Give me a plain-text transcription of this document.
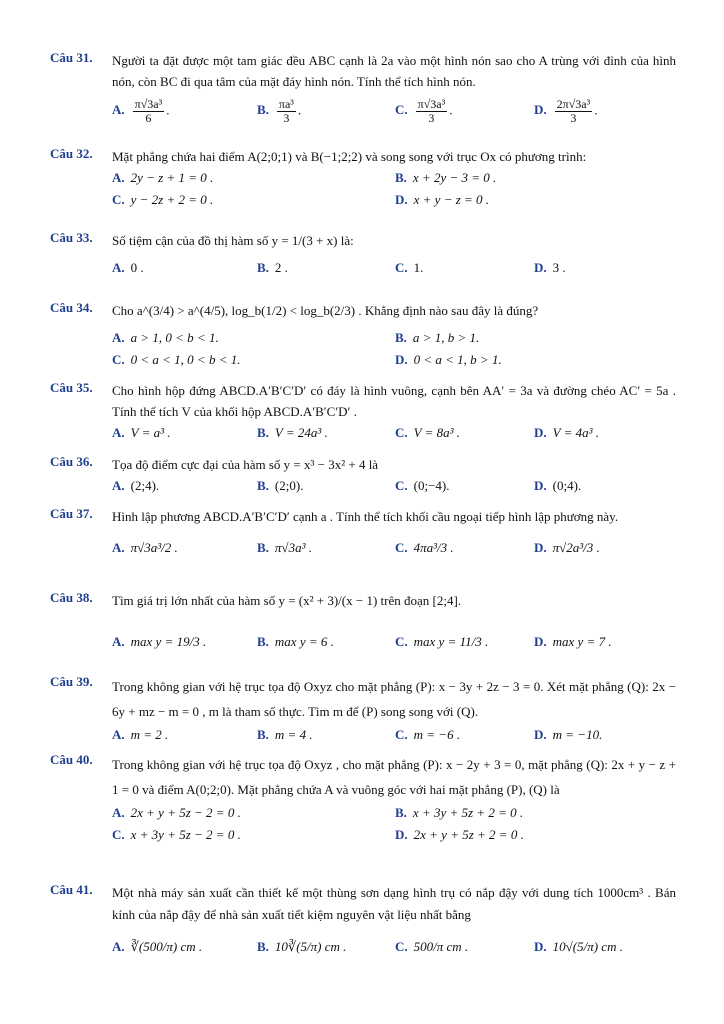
Câu 31. Người ta đặt được một tam giác đều ABC cạnh là 2a vào một hình nón sao cho A trùng với đỉnh của hình nón, còn BC đi qua tâm của mặt đáy hình nón. Tính thể tích hình nón.
A. $\frac{\text{π√3a³}}{6}$ .	B. $\frac{\text{πa³}}{3}$ .	C. $\frac{\text{π√3a³}}{3}$ .	D. $\frac{\text{2π√3a³}}{3}$ .
Câu 32. Mặt phẳng chứa hai điểm A(2;0;1) và B(−1;2;2) và song song với trục Ox có phương trình:
A. 2y − z + 1 = 0 .	B. x + 2y − 3 = 0 .
C. y − 2z + 2 = 0 .	D. x + y − z = 0 .
Câu 33. Số tiệm cận của đồ thị hàm số y = 1/(3 + x) là:
A. 0 .	B. 2 .	C. 1.	D. 3 .
Câu 34. Cho a^(3/4) > a^(4/5), log_b(1/2) < log_b(2/3) . Khẳng định nào sau đây là đúng?
A. a > 1, 0 < b < 1.	B. a > 1, b > 1.
C. 0 < a < 1, 0 < b < 1.	D. 0 < a < 1, b > 1.
Câu 35. Cho hình hộp đứng ABCD.A′B′C′D′ có đáy là hình vuông, cạnh bên AA′ = 3a và đường chéo AC′ = 5a . Tính thể tích V của khối hộp ABCD.A′B′C′D′ .
A. V = a³ .	B. V = 24a³ .	C. V = 8a³ .	D. V = 4a³ .
Câu 36. Tọa độ điểm cực đại của hàm số y = x³ − 3x² + 4 là
A. (2;4).	B. (2;0).	C. (0;−4).	D. (0;4).
Câu 37. Hình lập phương ABCD.A′B′C′D′ cạnh a . Tính thể tích khối cầu ngoại tiếp hình lập phương này.
A. π√3a³/2 .	B. π√3a³ .	C. 4πa³/3 .	D. π√2a³/3 .
Câu 38. Tìm giá trị lớn nhất của hàm số y = (x² + 3)/(x − 1) trên đoạn [2;4].
A. max y = 19/3 .	B. max y = 6 .	C. max y = 11/3 .	D. max y = 7 .
Câu 39. Trong không gian với hệ trục tọa độ Oxyz cho mặt phẳng (P): x − 3y + 2z − 3 = 0. Xét mặt phẳng (Q): 2x − 6y + mz − m = 0 , m là tham số thực. Tìm m để (P) song song với (Q).
A. m = 2 .	B. m = 4 .	C. m = −6 .	D. m = −10.
Câu 40. Trong không gian với hệ trục tọa độ Oxyz , cho mặt phẳng (P): x − 2y + 3 = 0, mặt phẳng (Q): 2x + y − z + 1 = 0 và điểm A(0;2;0). Mặt phẳng chứa A và vuông góc với hai mặt phẳng (P), (Q) là
A. 2x + y + 5z − 2 = 0 .	B. x + 3y + 5z + 2 = 0 .
C. x + 3y + 5z − 2 = 0 .	D. 2x + y + 5z + 2 = 0 .
Câu 41. Một nhà máy sản xuất cần thiết kế một thùng sơn dạng hình trụ có nắp đậy với dung tích 1000cm³ . Bán kính của nắp đậy để nhà sản xuất tiết kiệm nguyên vật liệu nhất bằng
A. ∛(500/π) cm .	B. 10∛(5/π) cm .	C. 500/π cm .	D. 10√(5/π) cm .
